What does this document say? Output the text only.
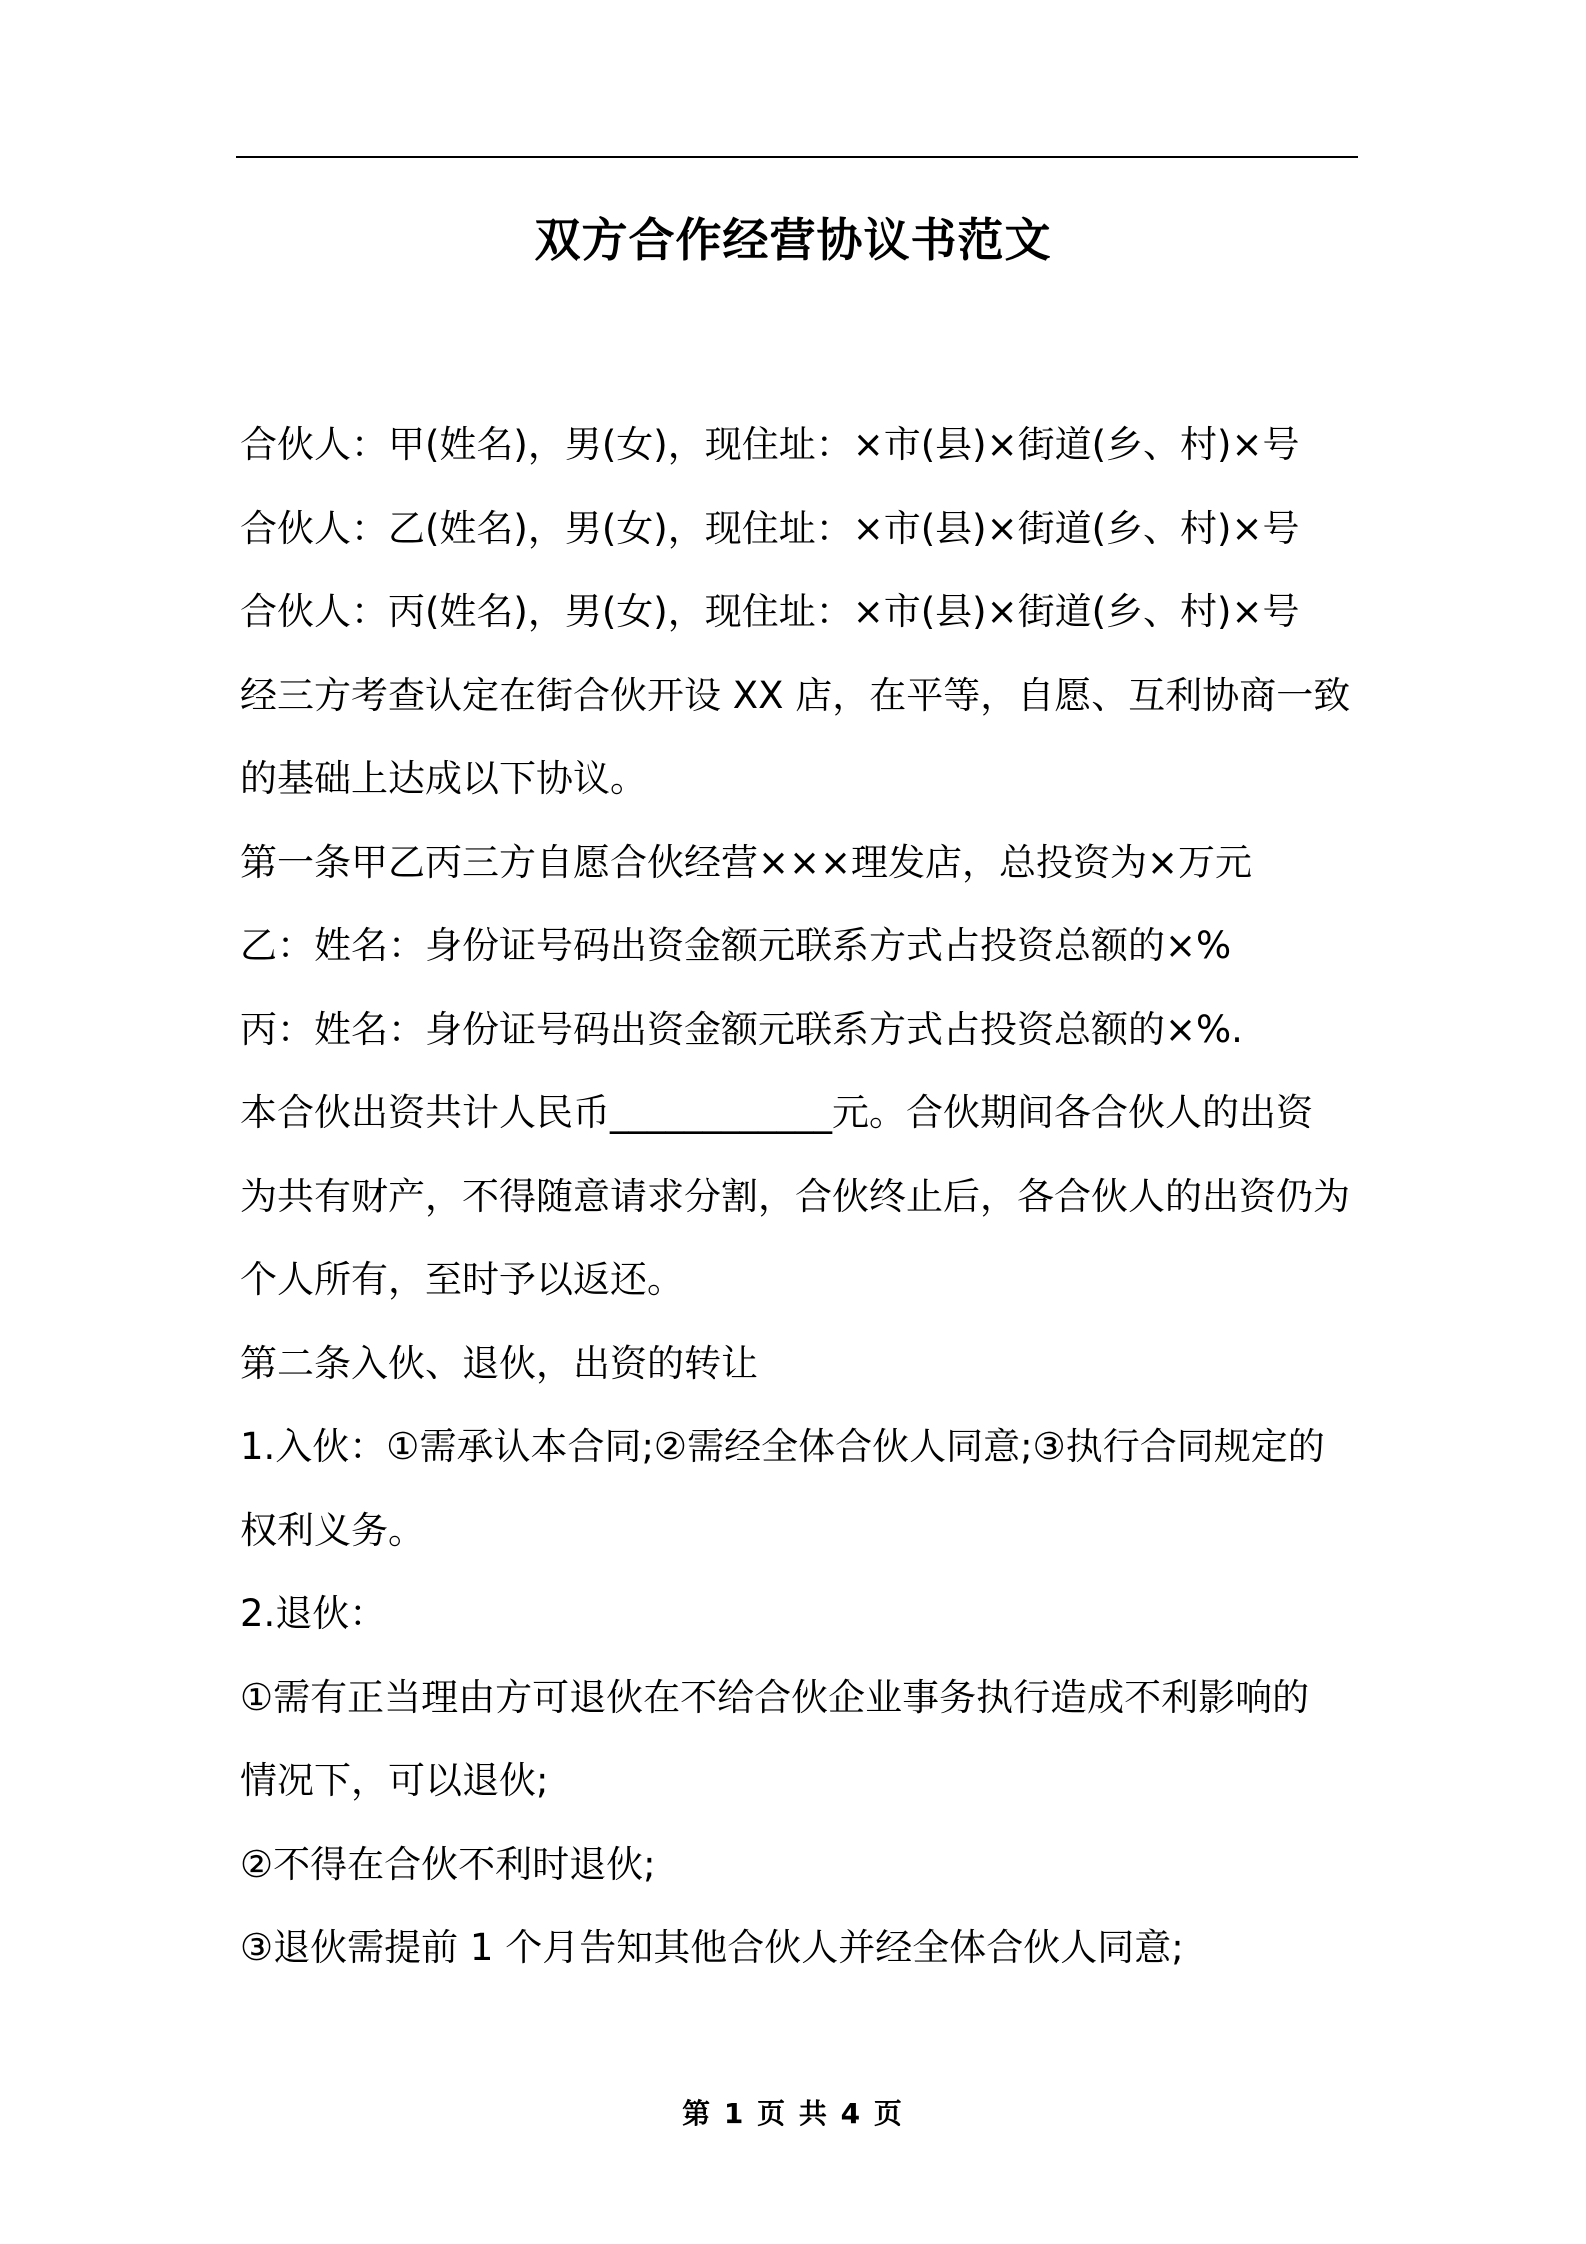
双方合作经营协议书范文

合伙人：甲(姓名)，男(女)，现住址：×市(县)×街道(乡、村)×号

合伙人：乙(姓名)，男(女)，现住址：×市(县)×街道(乡、村)×号

合伙人：丙(姓名)，男(女)，现住址：×市(县)×街道(乡、村)×号

经三方考查认定在街合伙开设 XX 店，在平等，自愿、互利协商一致

的基础上达成以下协议。

第一条甲乙丙三方自愿合伙经营×××理发店，总投资为×万元

乙：姓名：身份证号码出资金额元联系方式占投资总额的×%

丙：姓名：身份证号码出资金额元联系方式占投资总额的×%.

本合伙出资共计人民币____________元。合伙期间各合伙人的出资

为共有财产，不得随意请求分割，合伙终止后，各合伙人的出资仍为

个人所有，至时予以返还。

第二条入伙、退伙，出资的转让

1.入伙：①需承认本合同;②需经全体合伙人同意;③执行合同规定的

权利义务。

2.退伙：

①需有正当理由方可退伙在不给合伙企业事务执行造成不利影响的

情况下，可以退伙;

②不得在合伙不利时退伙;

③退伙需提前 1 个月告知其他合伙人并经全体合伙人同意;

第 1 页 共 4 页
